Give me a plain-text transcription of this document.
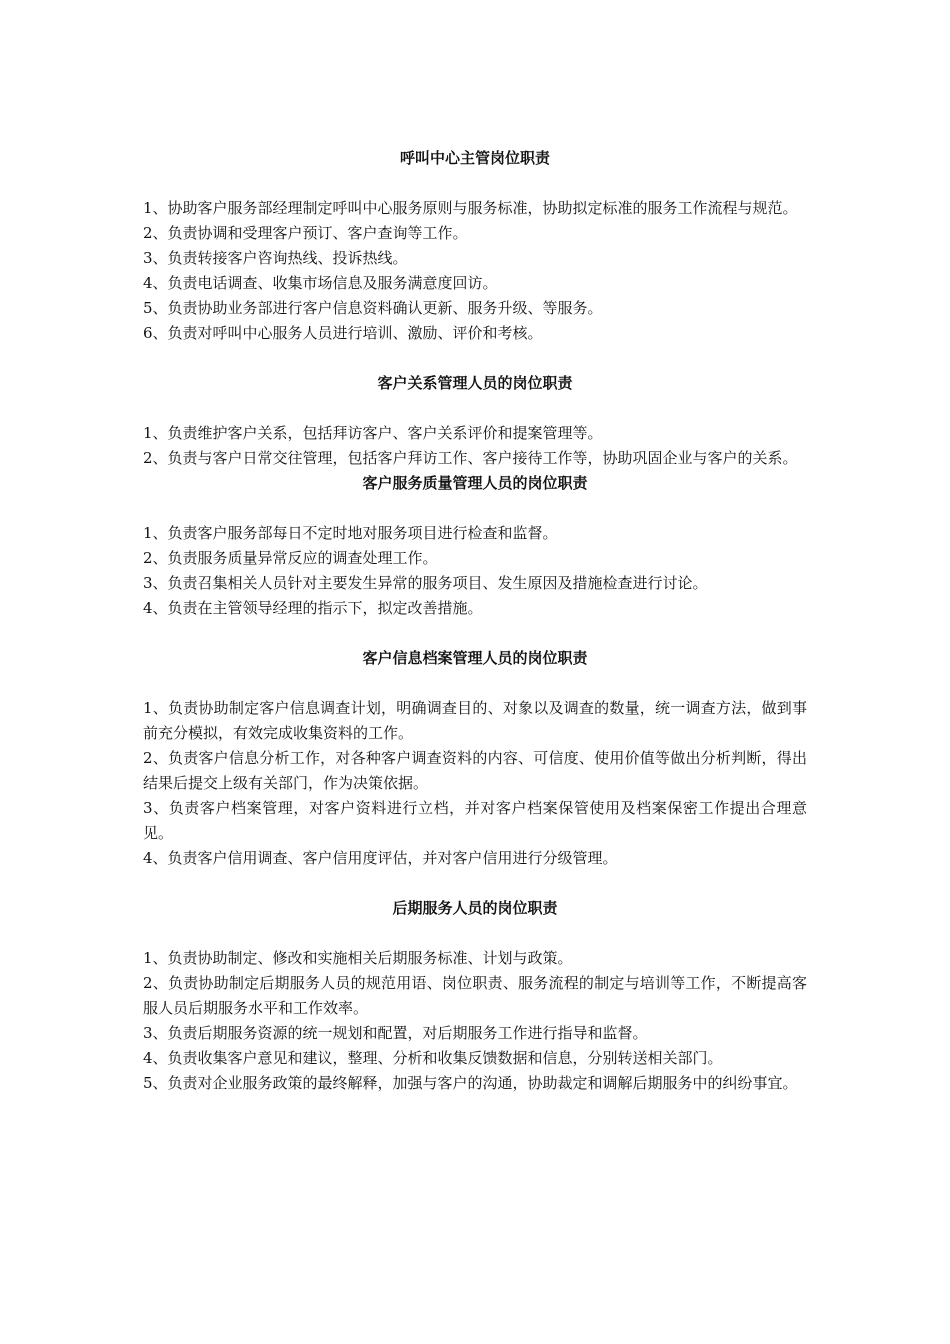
呼叫中心主管岗位职责

1、协助客户服务部经理制定呼叫中心服务原则与服务标准，协助拟定标准的服务工作流程与规范。

2、负责协调和受理客户预订、客户查询等工作。

3、负责转接客户咨询热线、投诉热线。

4、负责电话调查、收集市场信息及服务满意度回访。

5、负责协助业务部进行客户信息资料确认更新、服务升级、等服务。

6、负责对呼叫中心服务人员进行培训、激励、评价和考核。

客户关系管理人员的岗位职责

1、负责维护客户关系，包括拜访客户、客户关系评价和提案管理等。

2、负责与客户日常交往管理，包括客户拜访工作、客户接待工作等，协助巩固企业与客户的关系。

客户服务质量管理人员的岗位职责

1、负责客户服务部每日不定时地对服务项目进行检查和监督。

2、负责服务质量异常反应的调查处理工作。

3、负责召集相关人员针对主要发生异常的服务项目、发生原因及措施检查进行讨论。

4、负责在主管领导经理的指示下，拟定改善措施。

客户信息档案管理人员的岗位职责

1、负责协助制定客户信息调查计划，明确调查目的、对象以及调查的数量，统一调查方法，做到事前充分模拟，有效完成收集资料的工作。

2、负责客户信息分析工作，对各种客户调查资料的内容、可信度、使用价值等做出分析判断，得出结果后提交上级有关部门，作为决策依据。

3、负责客户档案管理，对客户资料进行立档，并对客户档案保管使用及档案保密工作提出合理意见。

4、负责客户信用调查、客户信用度评估，并对客户信用进行分级管理。

后期服务人员的岗位职责

1、负责协助制定、修改和实施相关后期服务标准、计划与政策。

2、负责协助制定后期服务人员的规范用语、岗位职责、服务流程的制定与培训等工作，不断提高客服人员后期服务水平和工作效率。

3、负责后期服务资源的统一规划和配置，对后期服务工作进行指导和监督。

4、负责收集客户意见和建议，整理、分析和收集反馈数据和信息，分别转送相关部门。

5、负责对企业服务政策的最终解释，加强与客户的沟通，协助裁定和调解后期服务中的纠纷事宜。
